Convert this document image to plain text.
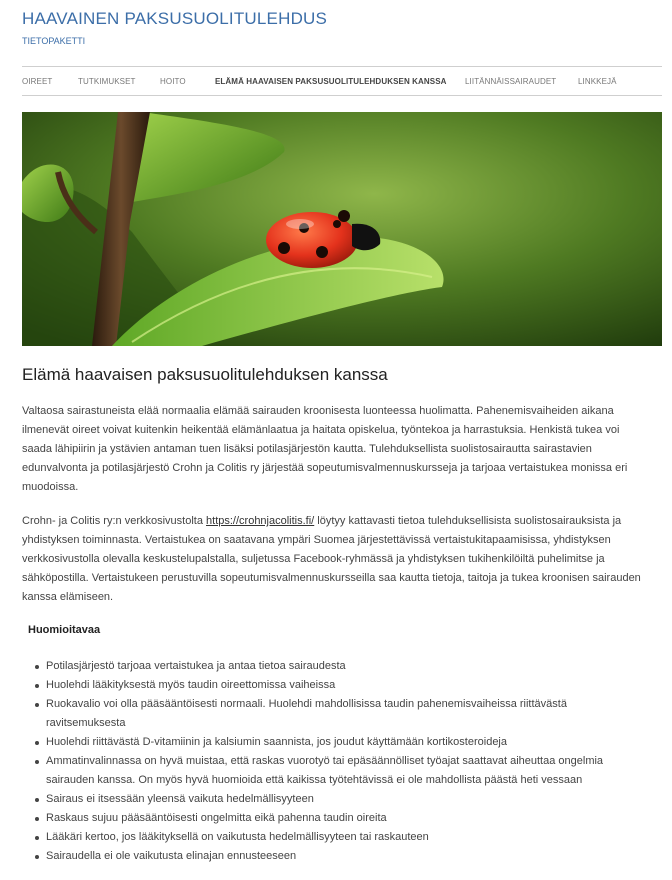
HAAVAINEN PAKSUSUOLITULEHDUS
TIETOPAKETTI
OIREET	TUTKIMUKSET	HOITO	ELÄMÄ HAAVAISEN PAKSUSUOLITULEHDUKSEN KANSSA LIITÄNNÄISSAIRAUDET	LINKKEJÄ
Elämä haavaisen paksusuolitulehduksen kanssa

Valtaosa sairastuneista elää normaalia elämää sairauden kroonisesta luonteessa huolimatta. Pahenemisvaiheiden aikana ilmenevät oireet voivat kuitenkin heikentää elämänlaatua ja haitata opiskelua, työntekoa ja harrastuksia. Henkistä tukea voi saada lähipiirin ja ystävien antaman tuen lisäksi potilasjärjestön kautta. Tulehduksellista suolistosairautta sairastavien edunvalvonta ja potilasjärjestö Crohn ja Colitis ry järjestää sopeutumisvalmennuskursseja ja tarjoaa vertaistukea monissa eri muodoissa.

Crohn- ja Colitis ry:n verkkosivustolta https://crohnjacolitis.fi/ löytyy kattavasti tietoa tulehduksellisista suolistosairauksista ja yhdistyksen toiminnasta. Vertaistukea on saatavana ympäri Suomea järjestettävissä vertaistukitapaamisissa, yhdistyksen verkkosivustolla olevalla keskustelupalstalla, suljetussa Facebook-ryhmässä ja yhdistyksen tukihenkilöiltä puhelimitse ja sähköpostilla. Vertaistukeen perustuvilla sopeutumisvalmennuskursseilla saa kautta tietoja, taitoja ja tukea kroonisen sairauden kanssa elämiseen.

Huomioitavaa
Potilasjärjestö tarjoaa vertaistukea ja antaa tietoa sairaudesta
Huolehdi lääkityksestä myös taudin oireettomissa vaiheissa
Ruokavalio voi olla pääsääntöisesti normaali. Huolehdi mahdollisissa taudin pahenemisvaiheissa riittävästä ravitsemuksesta
Huolehdi riittävästä D-vitamiinin ja kalsiumin saannista, jos joudut käyttämään kortikosteroideja
Ammatinvalinnassa on hyvä muistaa, että raskas vuorotyö tai epäsäännölliset työajat saattavat aiheuttaa ongelmia sairauden kanssa. On myös hyvä huomioida että kaikissa työtehtävissä ei ole mahdollista päästä heti vessaan
Sairaus ei itsessään yleensä vaikuta hedelmällisyyteen
Raskaus sujuu pääsääntöisesti ongelmitta eikä pahenna taudin oireita
Lääkäri kertoo, jos lääkityksellä on vaikutusta hedelmällisyyteen tai raskauteen
Sairaudella ei ole vaikutusta elinajan ennusteeseen
